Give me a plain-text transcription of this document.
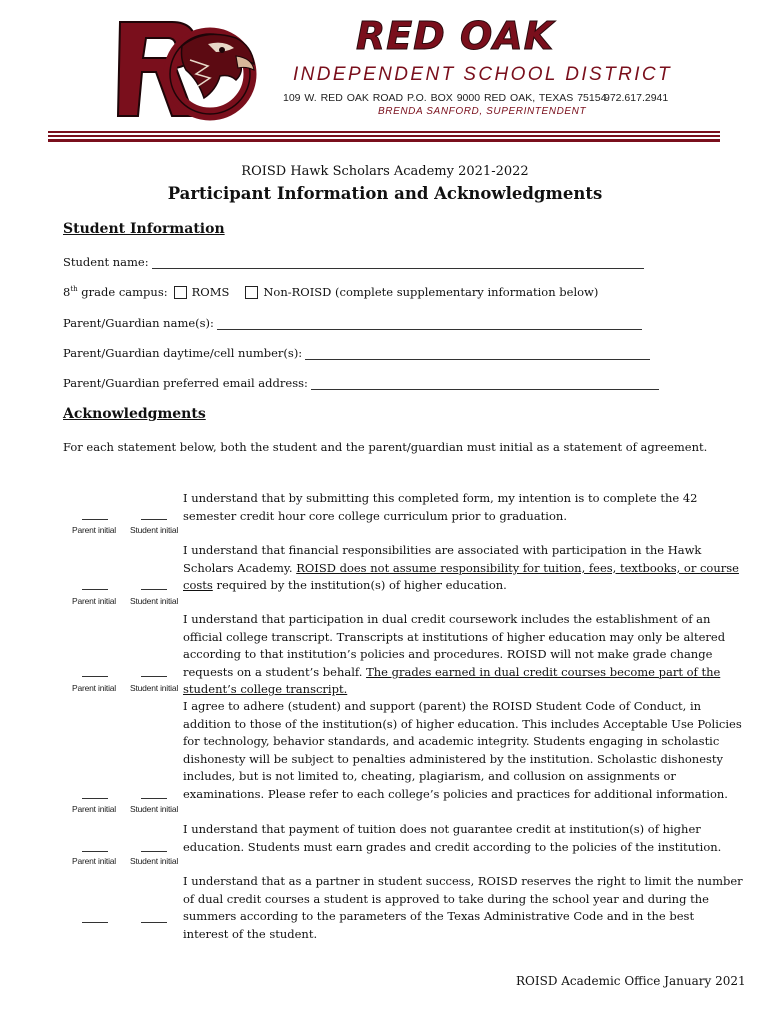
RED OAK
INDEPENDENT SCHOOL DISTRICT
109 W. RED OAK ROAD P.O. BOX 9000 RED OAK, TEXAS 75154
972.617.2941
BRENDA SANFORD, SUPERINTENDENT
ROISD Hawk Scholars Academy 2021-2022
Participant Information and Acknowledgments
Student Information
Student name:
8th grade campus: ROMS	Non-ROISD (complete supplementary information below)
Parent/Guardian name(s):
Parent/Guardian daytime/cell number(s):
Parent/Guardian preferred email address:
Acknowledgments
For each statement below, both the student and the parent/guardian must initial as a statement of agreement.
I understand that by submitting this completed form, my intention is to complete the 42 semester credit hour core college curriculum prior to graduation.
Parent initial Student initial
I understand that financial responsibilities are associated with participation in the Hawk Scholars Academy. ROISD does not assume responsibility for tuition, fees, textbooks, or course costs required by the institution(s) of higher education.
Parent initial Student initial
I understand that participation in dual credit coursework includes the establishment of an official college transcript. Transcripts at institutions of higher education may only be altered according to that institution’s policies and procedures. ROISD will not make grade change requests on a student’s behalf. The grades earned in dual credit courses become part of the student’s college transcript.
Parent initial Student initial
I agree to adhere (student) and support (parent) the ROISD Student Code of Conduct, in addition to those of the institution(s) of higher education. This includes Acceptable Use Policies for technology, behavior standards, and academic integrity. Students engaging in scholastic dishonesty will be subject to penalties administered by the institution. Scholastic dishonesty includes, but is not limited to, cheating, plagiarism, and collusion on assignments or examinations. Please refer to each college’s policies and practices for additional information.
Parent initial Student initial
I understand that payment of tuition does not guarantee credit at institution(s) of higher education. Students must earn grades and credit according to the policies of the institution.
Parent initial Student initial
I understand that as a partner in student success, ROISD reserves the right to limit the number of dual credit courses a student is approved to take during the school year and during the summers according to the parameters of the Texas Administrative Code and in the best interest of the student.
ROISD Academic Office January 2021
